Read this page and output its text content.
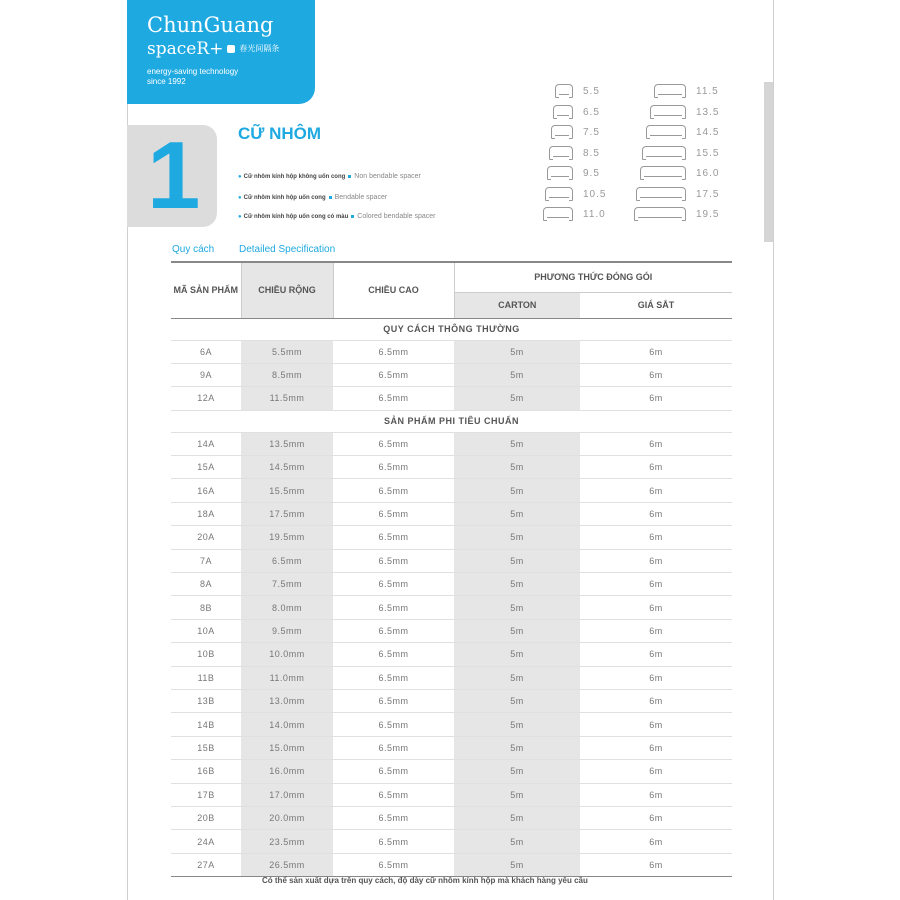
ChunGuang
spaceR+ 春光间隔条
energy-saving technology
since 1992
1 CỮ NHÔM
● Cữ nhôm kính hộp không uốn cong Non bendable spacer
● Cữ nhôm kính hộp uốn cong Bendable spacer
● Cữ nhôm kính hộp uốn cong có màu Colored bendable spacer
5.5
6.5
7.5
8.5
9.5
10.5
11.0
11.5
13.5
14.5
15.5
16.0
17.5
19.5
Quy cách Detailed Specification
MÃ SẢN PHẨM	CHIỀU RỘNG	CHIỀU CAO	PHƯƠNG THỨC ĐÓNG GÓI	
			CARTON	GIÁ SẮT
QUY CÁCH THÔNG THƯỜNG				
6A	5.5mm	6.5mm	5m	6m
9A	8.5mm	6.5mm	5m	6m
12A	11.5mm	6.5mm	5m	6m
SẢN PHẨM PHI TIÊU CHUẨN				
14A	13.5mm	6.5mm	5m	6m
15A	14.5mm	6.5mm	5m	6m
16A	15.5mm	6.5mm	5m	6m
18A	17.5mm	6.5mm	5m	6m
20A	19.5mm	6.5mm	5m	6m
7A	6.5mm	6.5mm	5m	6m
8A	7.5mm	6.5mm	5m	6m
8B	8.0mm	6.5mm	5m	6m
10A	9.5mm	6.5mm	5m	6m
10B	10.0mm	6.5mm	5m	6m
11B	11.0mm	6.5mm	5m	6m
13B	13.0mm	6.5mm	5m	6m
14B	14.0mm	6.5mm	5m	6m
15B	15.0mm	6.5mm	5m	6m
16B	16.0mm	6.5mm	5m	6m
17B	17.0mm	6.5mm	5m	6m
20B	20.0mm	6.5mm	5m	6m
24A	23.5mm	6.5mm	5m	6m
27A	26.5mm	6.5mm	5m	6m
Có thể sản xuất dựa trên quy cách, độ dày cữ nhôm kính hộp mà khách hàng yêu cầu
